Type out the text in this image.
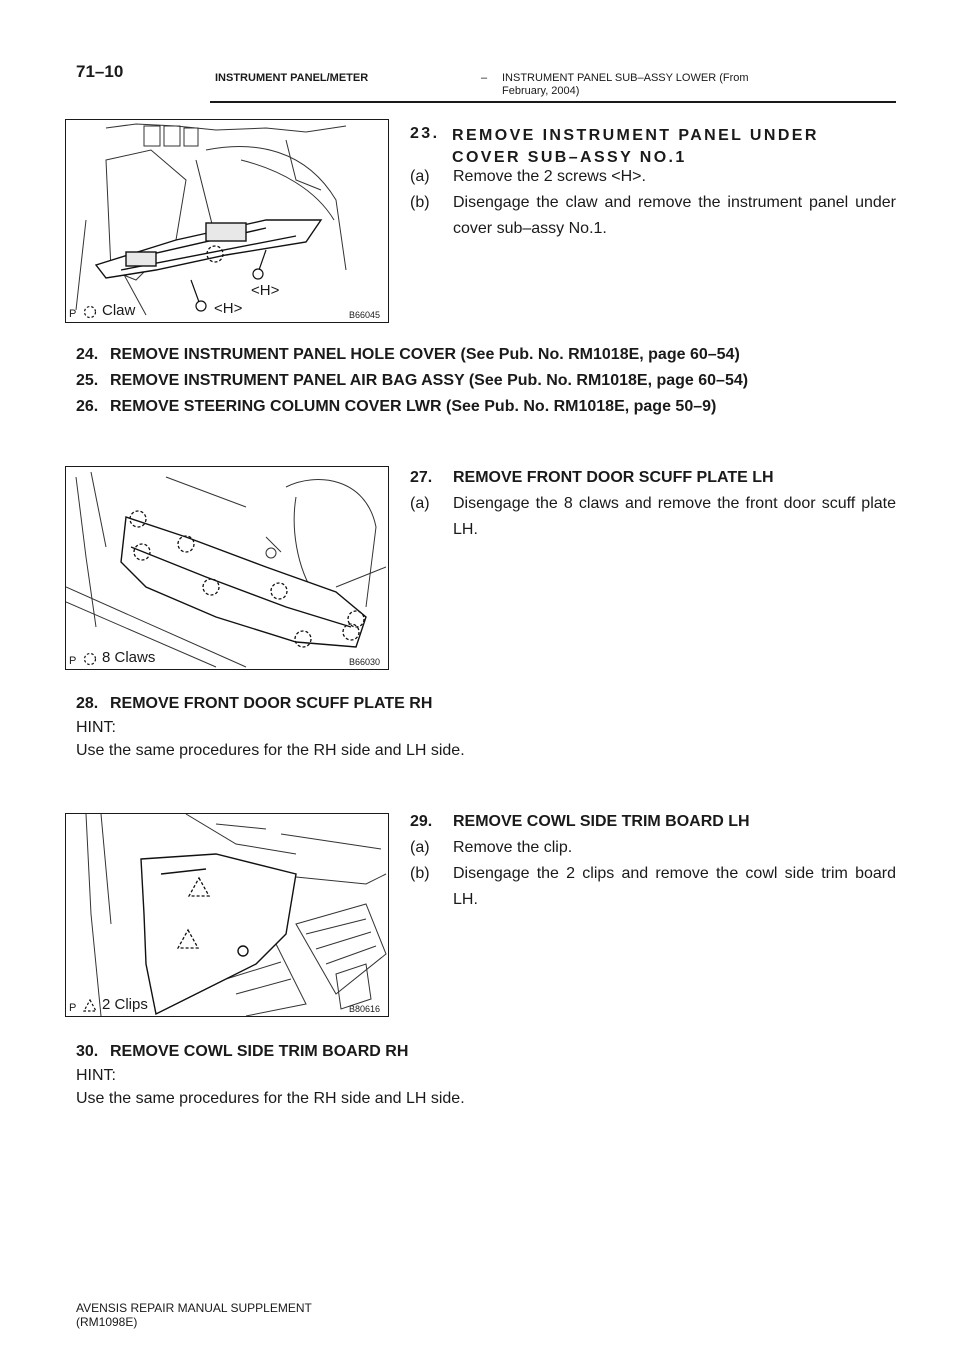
71–10	INSTRUMENT PANEL/METER	– INSTRUMENT PANEL SUB–ASSY LOWER (From February, 2004)
P Claw
<H>
<H>	B66045
23. REMOVE INSTRUMENT PANEL UNDER COVER SUB–ASSY NO.1
(a) Remove the 2 screws <H>.
(b) Disengage the claw and remove the instrument panel under cover sub–assy No.1.
24. REMOVE INSTRUMENT PANEL HOLE COVER (See Pub. No. RM1018E, page 60–54)
25. REMOVE INSTRUMENT PANEL AIR BAG ASSY (See Pub. No. RM1018E, page 60–54)
26. REMOVE STEERING COLUMN COVER LWR (See Pub. No. RM1018E, page 50–9)
P 8 Claws	B66030
27. REMOVE FRONT DOOR SCUFF PLATE LH
(a) Disengage the 8 claws and remove the front door scuff plate LH.
28. REMOVE FRONT DOOR SCUFF PLATE RH
HINT:
Use the same procedures for the RH side and LH side.
P 2 Clips	B80616
29. REMOVE COWL SIDE TRIM BOARD LH
(a) Remove the clip.
(b) Disengage the 2 clips and remove the cowl side trim board LH.
30. REMOVE COWL SIDE TRIM BOARD RH
HINT:
Use the same procedures for the RH side and LH side.
AVENSIS REPAIR MANUAL SUPPLEMENT
(RM1098E)
